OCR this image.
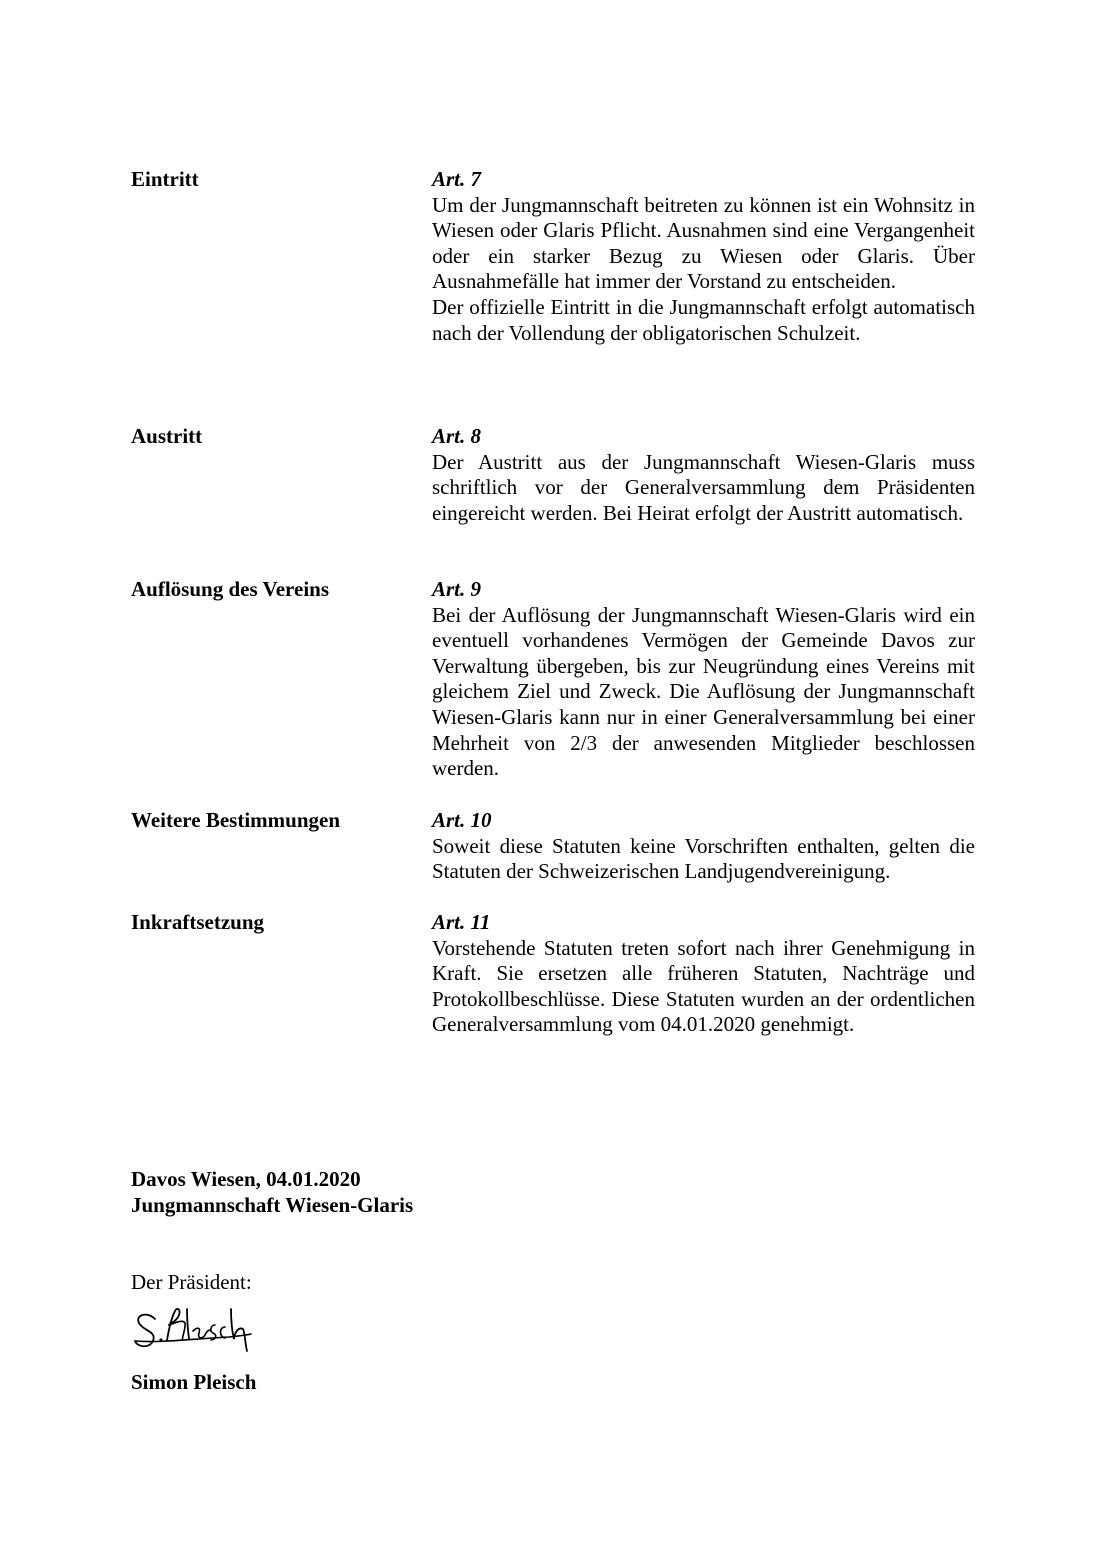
Eintritt	Art. 7
Um der Jungmannschaft beitreten zu können ist ein Wohnsitz in Wiesen oder Glaris Pflicht. Ausnahmen sind eine Vergangenheit oder ein starker Bezug zu Wiesen oder Glaris. Über Ausnahmefälle hat immer der Vorstand zu entscheiden.
Der offizielle Eintritt in die Jungmannschaft erfolgt automatisch nach der Vollendung der obligatorischen Schulzeit.
Austritt	Art. 8
Der Austritt aus der Jungmannschaft Wiesen-Glaris muss schriftlich vor der Generalversammlung dem Präsidenten eingereicht werden. Bei Heirat erfolgt der Austritt automatisch.
Auflösung des Vereins	Art. 9
Bei der Auflösung der Jungmannschaft Wiesen-Glaris wird ein eventuell vorhandenes Vermögen der Gemeinde Davos zur Verwaltung übergeben, bis zur Neugründung eines Vereins mit gleichem Ziel und Zweck. Die Auflösung der Jungmannschaft Wiesen-Glaris kann nur in einer Generalversammlung bei einer Mehrheit von 2/3 der anwesenden Mitglieder beschlossen werden.
Weitere Bestimmungen	Art. 10
Soweit diese Statuten keine Vorschriften enthalten, gelten die Statuten der Schweizerischen Landjugendvereinigung.
Inkraftsetzung	Art. 11
Vorstehende Statuten treten sofort nach ihrer Genehmigung in Kraft. Sie ersetzen alle früheren Statuten, Nachträge und Protokollbeschlüsse. Diese Statuten wurden an der ordentlichen Generalversammlung vom 04.01.2020 genehmigt.
Davos Wiesen, 04.01.2020
Jungmannschaft Wiesen-Glaris
Der Präsident:
Simon Pleisch
